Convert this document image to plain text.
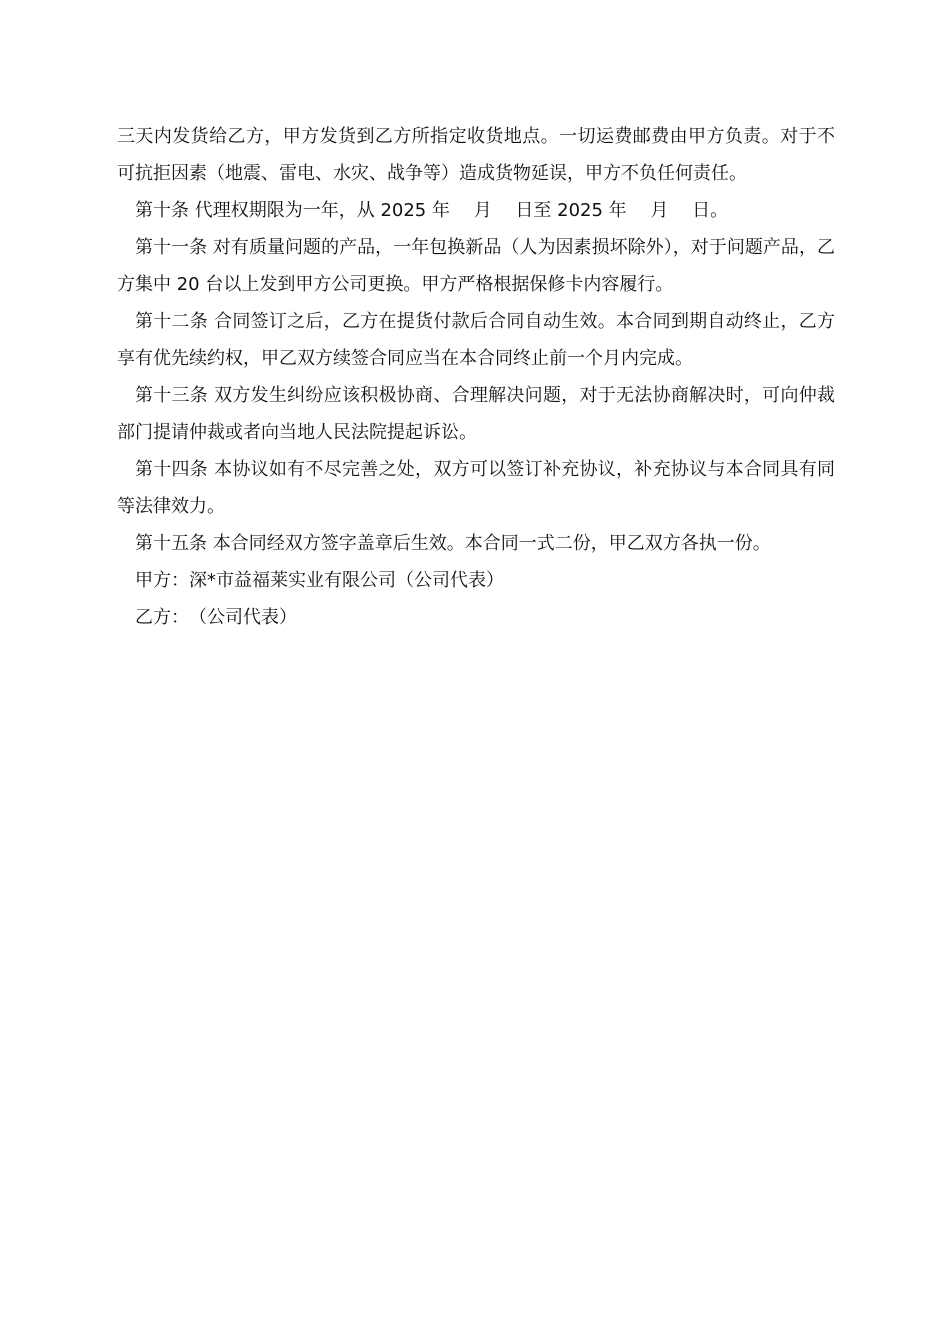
三天内发货给乙方，甲方发货到乙方所指定收货地点。一切运费邮费由甲方负责。对于不可抗拒因素（地震、雷电、水灾、战争等）造成货物延误，甲方不负任何责任。

第十条 代理权期限为一年，从 2025 年　 月　 日至 2025 年　 月　 日。

第十一条 对有质量问题的产品，一年包换新品（人为因素损坏除外），对于问题产品，乙方集中 20 台以上发到甲方公司更换。甲方严格根据保修卡内容履行。

第十二条 合同签订之后，乙方在提货付款后合同自动生效。本合同到期自动终止，乙方享有优先续约权，甲乙双方续签合同应当在本合同终止前一个月内完成。

第十三条 双方发生纠纷应该积极协商、合理解决问题，对于无法协商解决时，可向仲裁部门提请仲裁或者向当地人民法院提起诉讼。

第十四条 本协议如有不尽完善之处，双方可以签订补充协议，补充协议与本合同具有同等法律效力。

第十五条 本合同经双方签字盖章后生效。本合同一式二份，甲乙双方各执一份。

甲方：深*市益福莱实业有限公司（公司代表）

乙方：　（公司代表）
